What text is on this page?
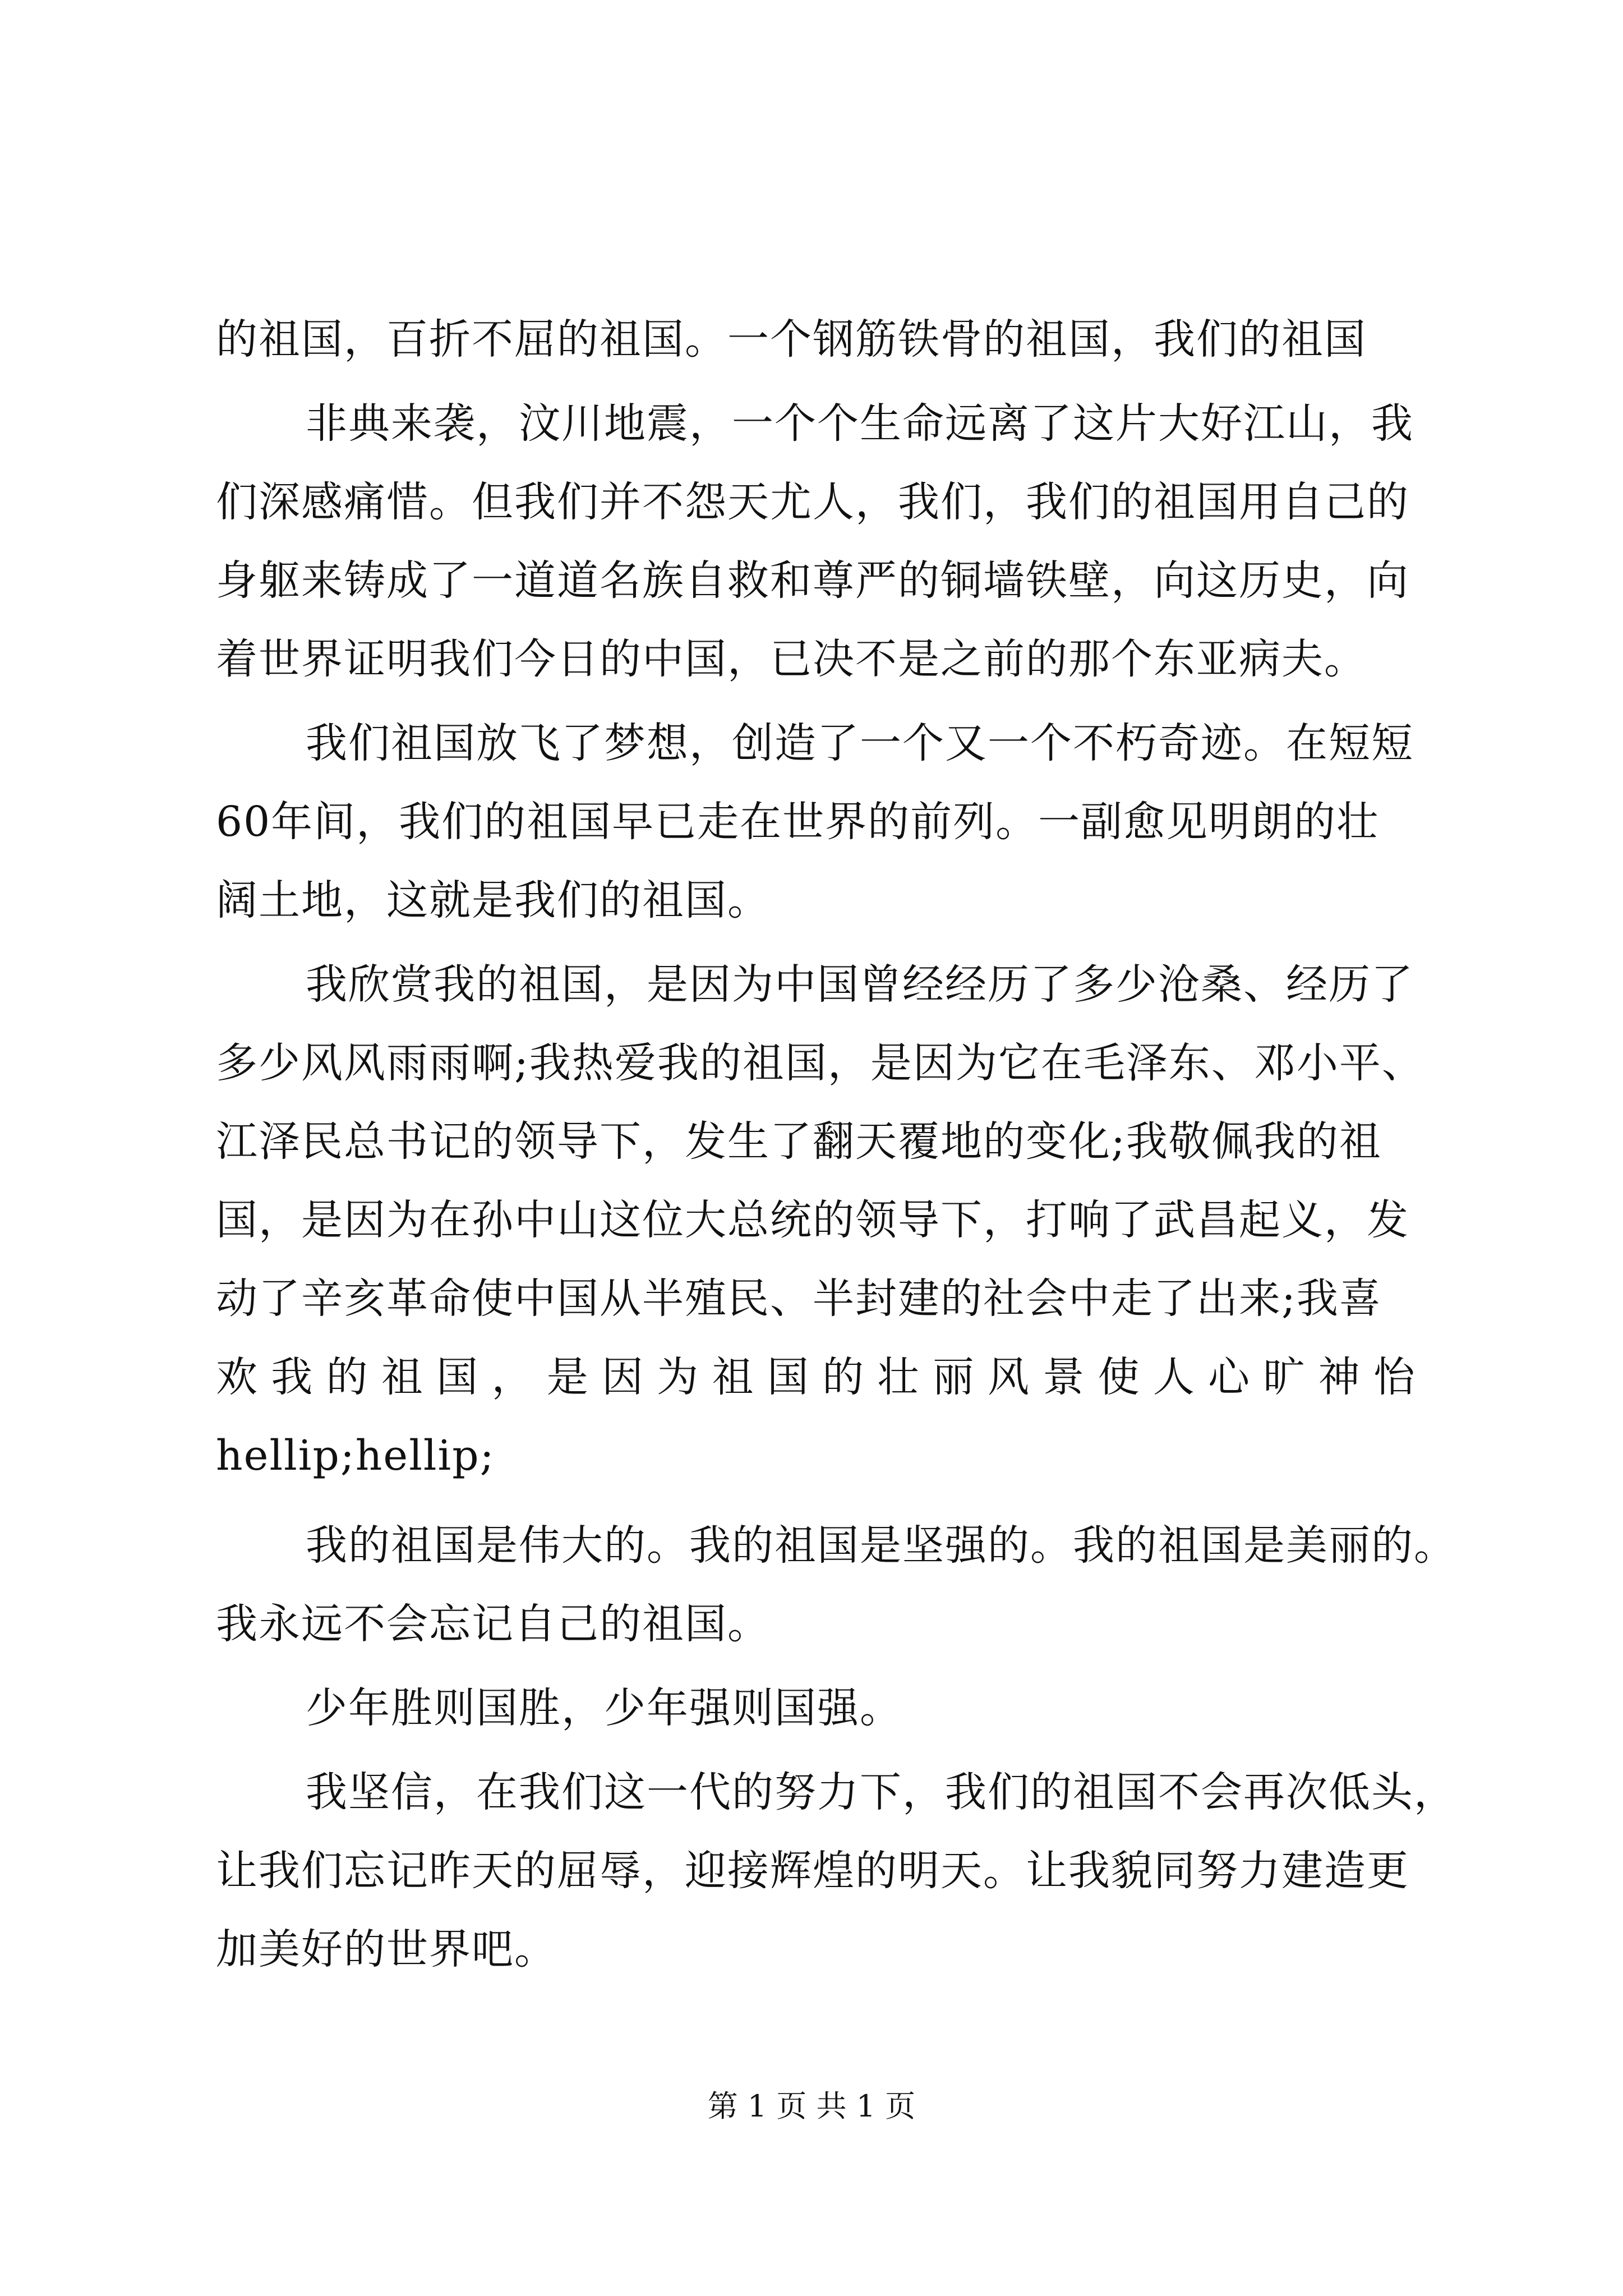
的祖国，百折不屈的祖国。一个钢筋铁骨的祖国，我们的祖国
非典来袭，汶川地震，一个个生命远离了这片大好江山，我
们深感痛惜。但我们并不怨天尤人，我们，我们的祖国用自己的
身躯来铸成了一道道名族自救和尊严的铜墙铁壁，向这历史，向
着世界证明我们今日的中国，已决不是之前的那个东亚病夫。
我们祖国放飞了梦想，创造了一个又一个不朽奇迹。在短短
60年间，我们的祖国早已走在世界的前列。一副愈见明朗的壮
阔土地，这就是我们的祖国。
我欣赏我的祖国，是因为中国曾经经历了多少沧桑、经历了
多少风风雨雨啊;我热爱我的祖国，是因为它在毛泽东、邓小平、
江泽民总书记的领导下，发生了翻天覆地的变化;我敬佩我的祖
国，是因为在孙中山这位大总统的领导下，打响了武昌起义，发
动了辛亥革命使中国从半殖民、半封建的社会中走了出来;我喜
欢我的祖国，是因为祖国的壮丽风景使人心旷神怡
hellip;hellip;
我的祖国是伟大的。我的祖国是坚强的。我的祖国是美丽的。
我永远不会忘记自己的祖国。
少年胜则国胜，少年强则国强。
我坚信，在我们这一代的努力下，我们的祖国不会再次低头，
让我们忘记昨天的屈辱，迎接辉煌的明天。让我貌同努力建造更
加美好的世界吧。
第 1 页 共 1 页
